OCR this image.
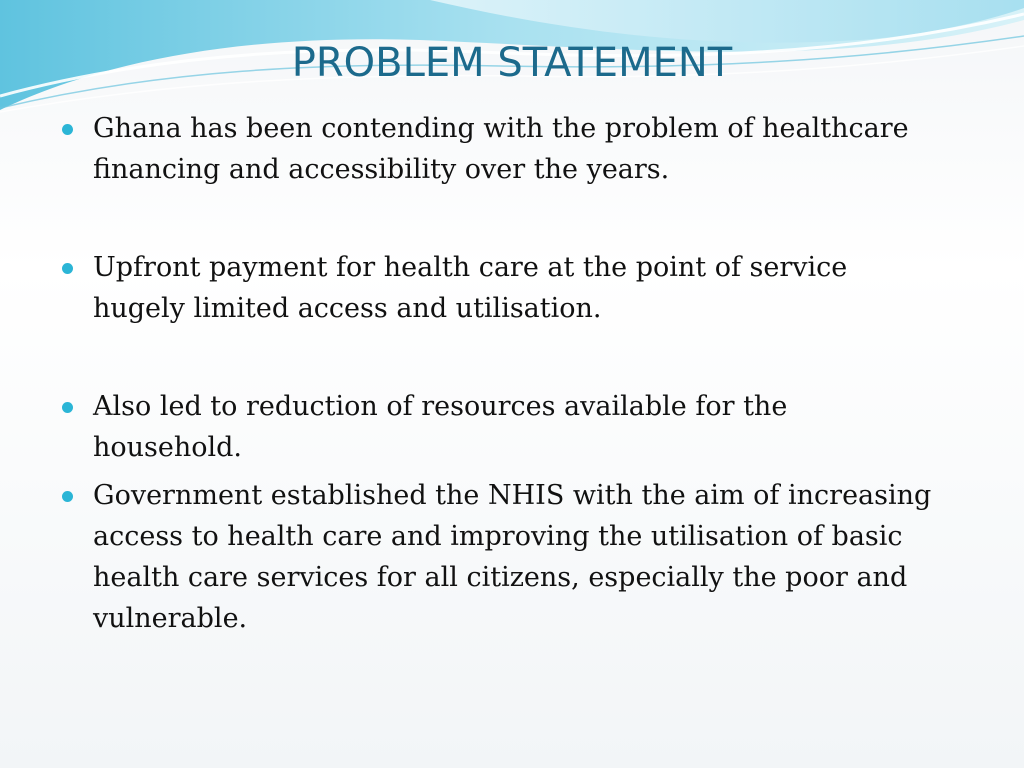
PROBLEM STATEMENT
Ghana has been contending with the problem of healthcare
financing and accessibility over the years.
Upfront payment for health care at the point of service
hugely limited access and utilisation.
Also led to reduction of resources available for the
household.
Government established the NHIS with the aim of increasing
access to health care and improving the utilisation of basic
health care services for all citizens, especially the poor and
vulnerable.
